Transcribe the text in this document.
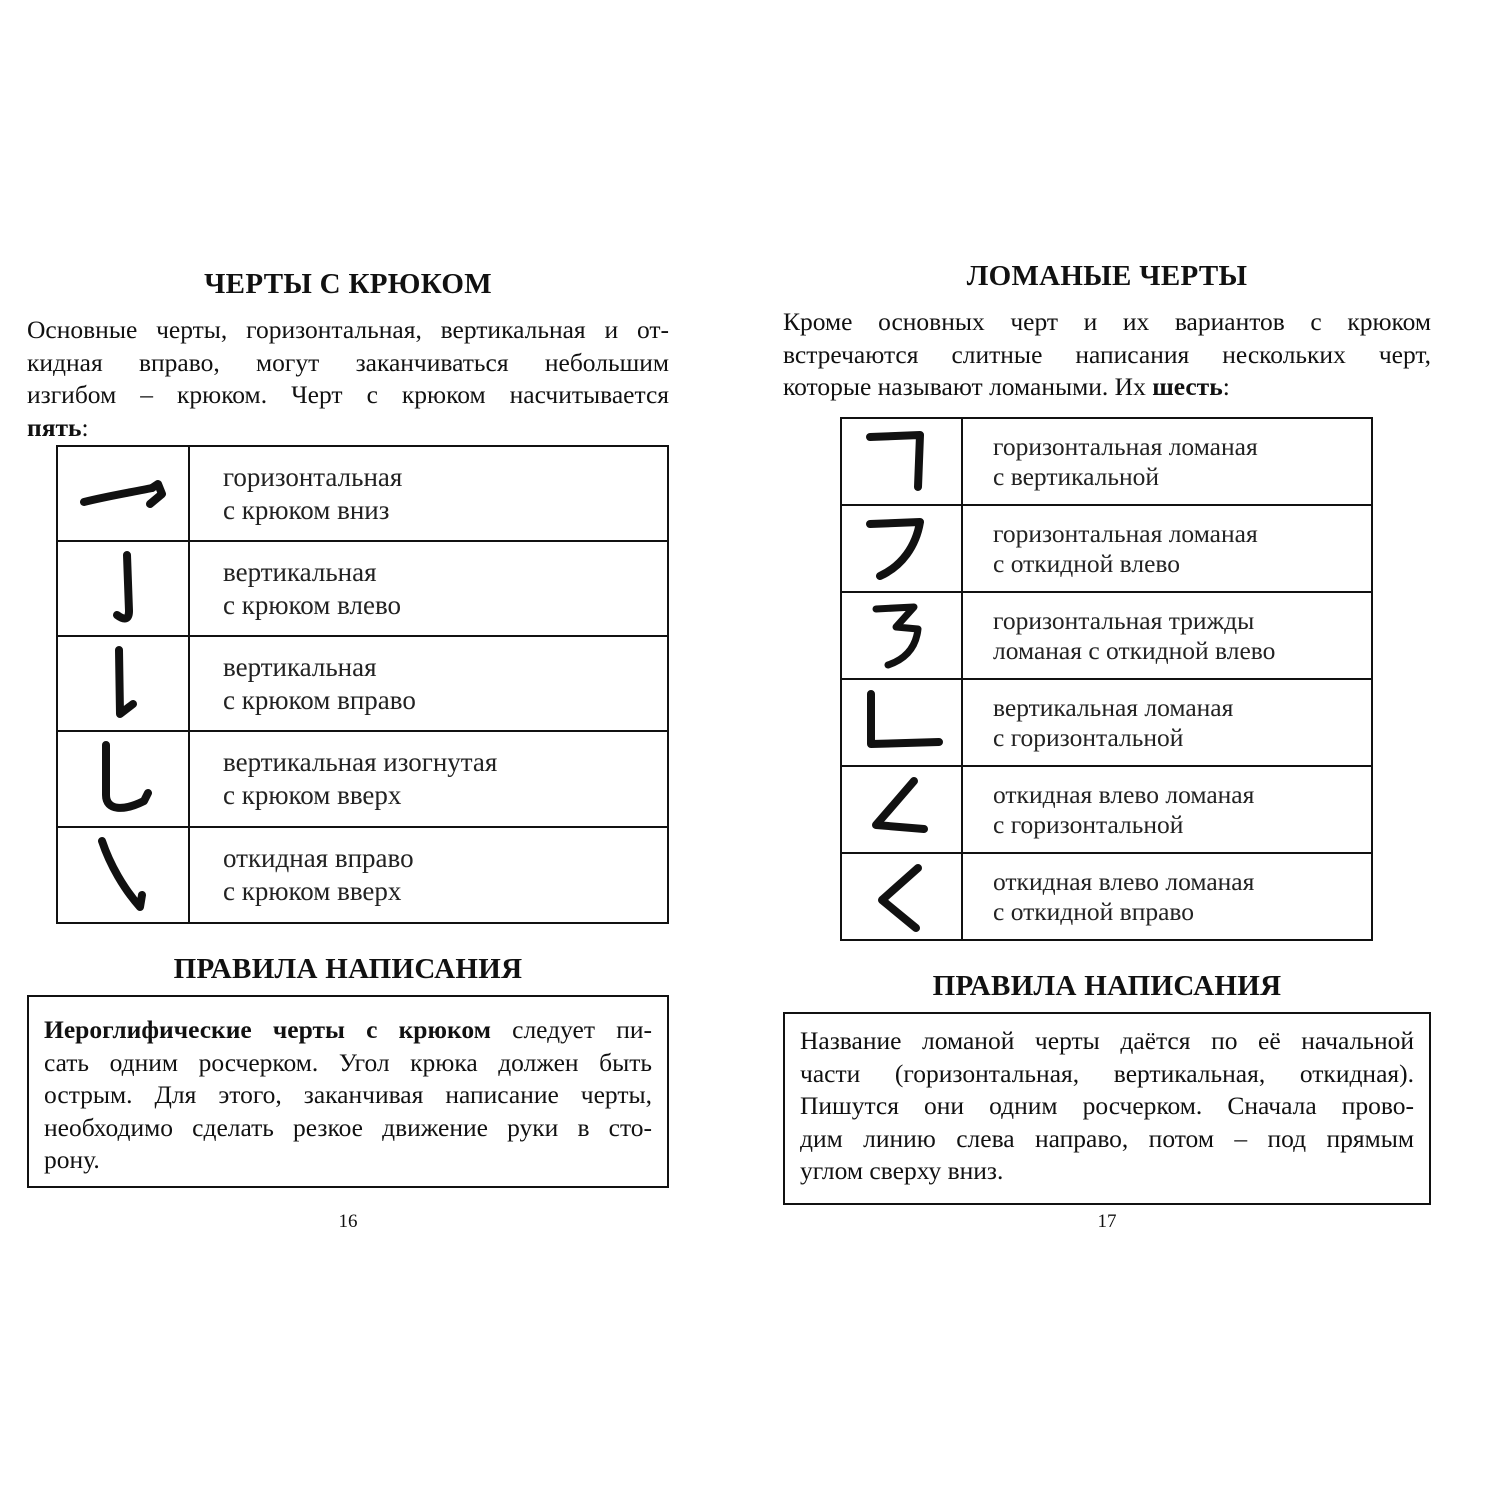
ЧЕРТЫ С КРЮКОМ
Основные черты, горизонтальная, вертикальная и от-
кидная вправо, могут заканчиваться небольшим
изгибом – крюком. Черт с крюком насчитывается
пять:

горизонтальная
с крюком вниз

вертикальная
с крюком влево

вертикальная
с крюком вправо

вертикальная изогнутая
с крюком вверх

откидная вправо
с крюком вверх
ПРАВИЛА НАПИСАНИЯ
Иероглифические черты с крюком следует пи-
сать одним росчерком. Угол крюка должен быть
острым. Для этого, заканчивая написание черты,
необходимо сделать резкое движение руки в сто-
рону.
16
ЛОМАНЫЕ ЧЕРТЫ
Кроме основных черт и их вариантов с крюком
встречаются слитные написания нескольких черт,
которые называют ломаными. Их шесть:

горизонтальная ломаная
с вертикальной

горизонтальная ломаная
с откидной влево

горизонтальная трижды
ломаная с откидной влево

вертикальная ломаная
с горизонтальной

откидная влево ломаная
с горизонтальной

откидная влево ломаная
с откидной вправо
ПРАВИЛА НАПИСАНИЯ
Название ломаной черты даётся по её начальной
части (горизонтальная, вертикальная, откидная).
Пишутся они одним росчерком. Сначала прово-
дим линию слева направо, потом – под прямым
углом сверху вниз.
17
